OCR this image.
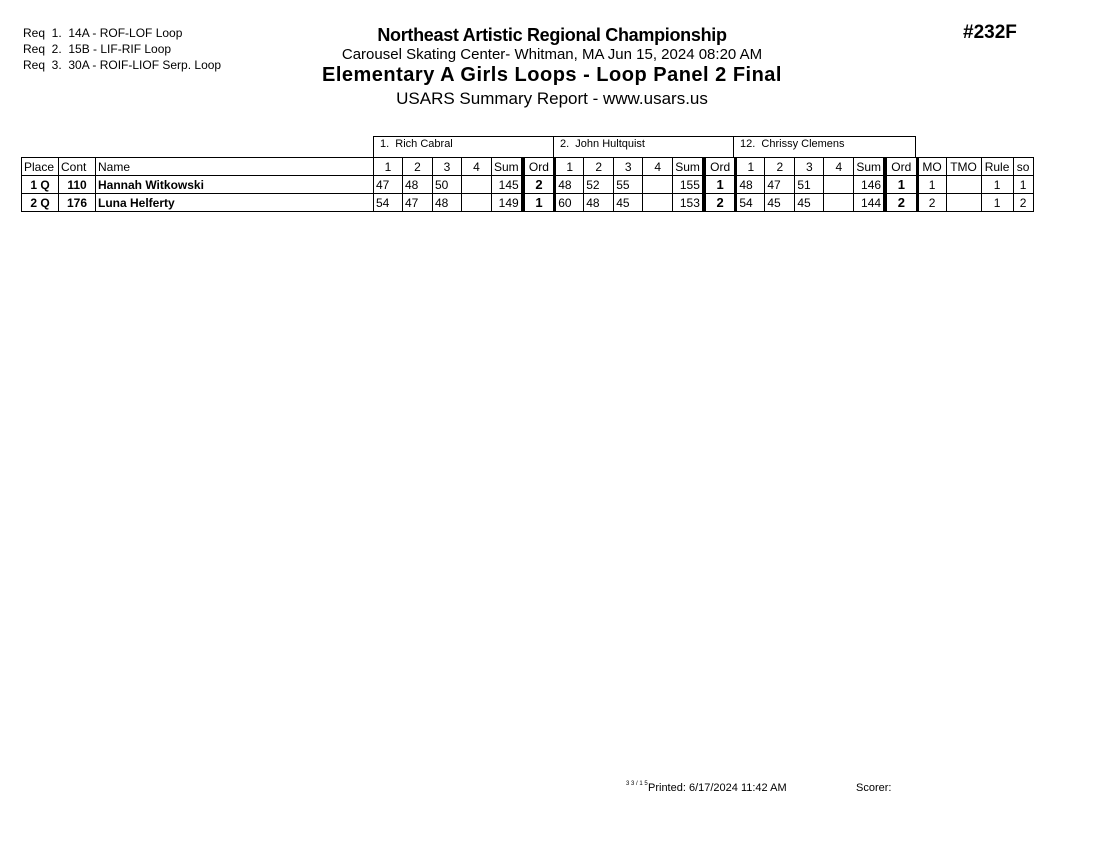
Req  1.  14A - ROF-LOF Loop
Req  2.  15B - LIF-RIF Loop
Req  3.  30A - ROIF-LIOF Serp. Loop
#232F
Northeast Artistic Regional Championship
Carousel Skating Center- Whitman, MA Jun 15, 2024 08:20 AM
Elementary A Girls Loops - Loop Panel 2 Final
USARS Summary Report - www.usars.us
1.  Rich Cabral	2.  John Hultquist	12.  Chrissy Clemens
Place	Cont	Name	1	2	3	4	Sum	Ord	1	2	3	4	Sum	Ord	1	2	3	4	Sum	Ord	MO	TMO	Rule	so
1 Q	110	Hannah Witkowski	47	48	50		145	2	48	52	55		155	1	48	47	51		146	1	1		1	1
2 Q	176	Luna Helferty	54	47	48		149	1	60	48	45		153	2	54	45	45		144	2	2		1	2
3 3 / 1 5 Printed: 6/17/2024 11:42 AM	Scorer:
